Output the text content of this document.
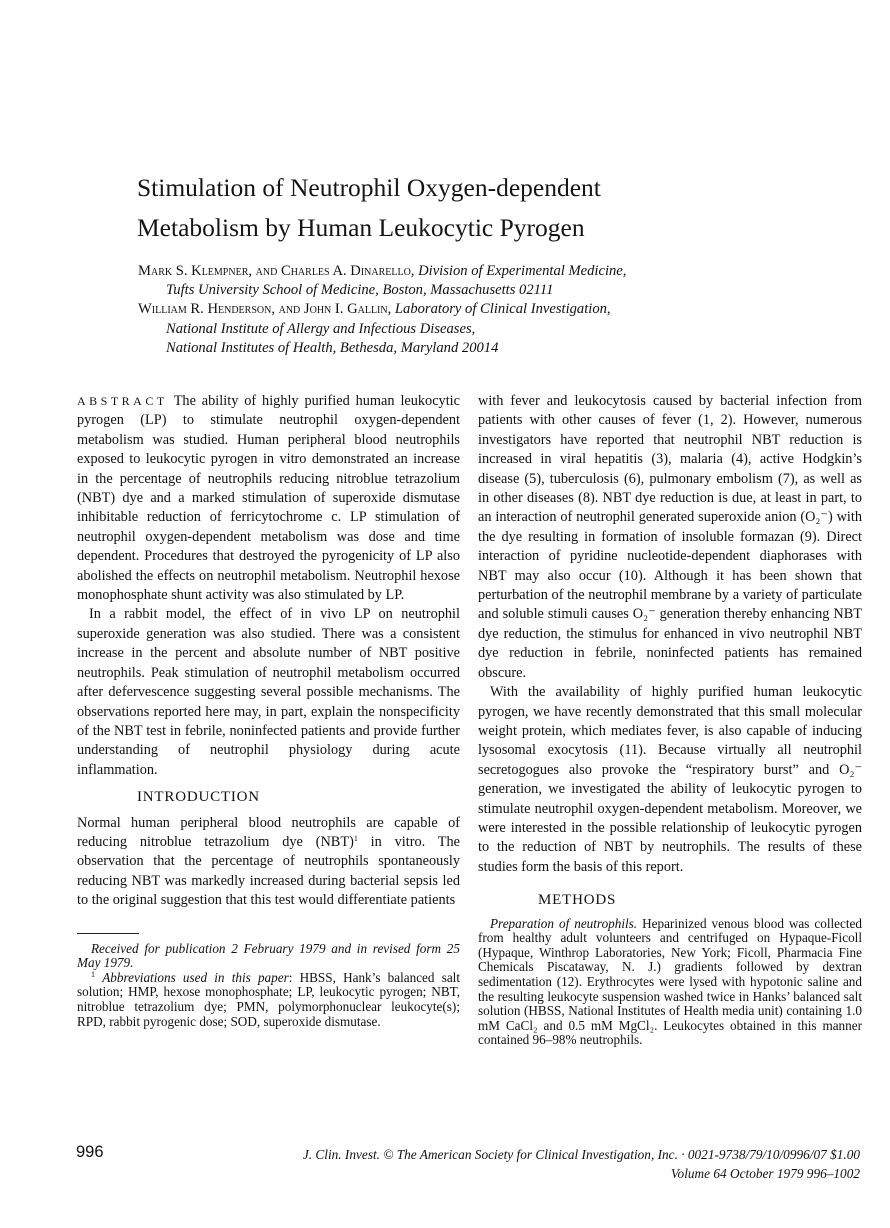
Stimulation of Neutrophil Oxygen-dependent
Metabolism by Human Leukocytic Pyrogen
Mark S. Klempner, and Charles A. Dinarello, Division of Experimental Medicine,
Tufts University School of Medicine, Boston, Massachusetts 02111
William R. Henderson, and John I. Gallin, Laboratory of Clinical Investigation,
National Institute of Allergy and Infectious Diseases,
National Institutes of Health, Bethesda, Maryland 20014

ABSTRACT The ability of highly purified human leukocytic pyrogen (LP) to stimulate neutrophil oxygen-dependent metabolism was studied. Human peripheral blood neutrophils exposed to leukocytic pyrogen in vitro demonstrated an increase in the percentage of neutrophils reducing nitroblue tetrazolium (NBT) dye and a marked stimulation of superoxide dismutase inhibitable reduction of ferricytochrome c. LP stimulation of neutrophil oxygen-dependent metabolism was dose and time dependent. Procedures that destroyed the pyrogenicity of LP also abolished the effects on neutrophil metabolism. Neutrophil hexose monophosphate shunt activity was also stimulated by LP.

In a rabbit model, the effect of in vivo LP on neutrophil superoxide generation was also studied. There was a consistent increase in the percent and absolute number of NBT positive neutrophils. Peak stimulation of neutrophil metabolism occurred after defervescence suggesting several possible mechanisms. The observations reported here may, in part, explain the nonspecificity of the NBT test in febrile, noninfected patients and provide further understanding of neutrophil physiology during acute inflammation.

INTRODUCTION

Normal human peripheral blood neutrophils are capable of reducing nitroblue tetrazolium dye (NBT)$^1$ in vitro. The observation that the percentage of neutrophils spontaneously reducing NBT was markedly increased during bacterial sepsis led to the original suggestion that this test would differentiate patients

Received for publication 2 February 1979 and in revised form 25 May 1979.

$^1$ Abbreviations used in this paper: HBSS, Hank’s balanced salt solution; HMP, hexose monophosphate; LP, leukocytic pyrogen; NBT, nitroblue tetrazolium dye; PMN, polymorphonuclear leukocyte(s); RPD, rabbit pyrogenic dose; SOD, superoxide dismutase.

with fever and leukocytosis caused by bacterial infection from patients with other causes of fever (1, 2). However, numerous investigators have reported that neutrophil NBT reduction is increased in viral hepatitis (3), malaria (4), active Hodgkin’s disease (5), tuberculosis (6), pulmonary embolism (7), as well as in other diseases (8). NBT dye reduction is due, at least in part, to an interaction of neutrophil generated superoxide anion (O₂⁻) with the dye resulting in formation of insoluble formazan (9). Direct interaction of pyridine nucleotide-dependent diaphorases with NBT may also occur (10). Although it has been shown that perturbation of the neutrophil membrane by a variety of particulate and soluble stimuli causes O₂⁻ generation thereby enhancing NBT dye reduction, the stimulus for enhanced in vivo neutrophil NBT dye reduction in febrile, noninfected patients has remained obscure.

With the availability of highly purified human leukocytic pyrogen, we have recently demonstrated that this small molecular weight protein, which mediates fever, is also capable of inducing lysosomal exocytosis (11). Because virtually all neutrophil secretogogues also provoke the “respiratory burst” and O₂⁻ generation, we investigated the ability of leukocytic pyrogen to stimulate neutrophil oxygen-dependent metabolism. Moreover, we were interested in the possible relationship of leukocytic pyrogen to the reduction of NBT by neutrophils. The results of these studies form the basis of this report.

METHODS

Preparation of neutrophils. Heparinized venous blood was collected from healthy adult volunteers and centrifuged on Hypaque-Ficoll (Hypaque, Winthrop Laboratories, New York; Ficoll, Pharmacia Fine Chemicals Piscataway, N. J.) gradients followed by dextran sedimentation (12). Erythrocytes were lysed with hypotonic saline and the resulting leukocyte suspension washed twice in Hanks’ balanced salt solution (HBSS, National Institutes of Health media unit) containing 1.0 mM CaCl₂ and 0.5 mM MgCl₂. Leukocytes obtained in this manner contained 96–98% neutrophils.

996	J. Clin. Invest. © The American Society for Clinical Investigation, Inc. · 0021-9738/79/10/0996/07 $1.00
Volume 64 October 1979 996–1002
